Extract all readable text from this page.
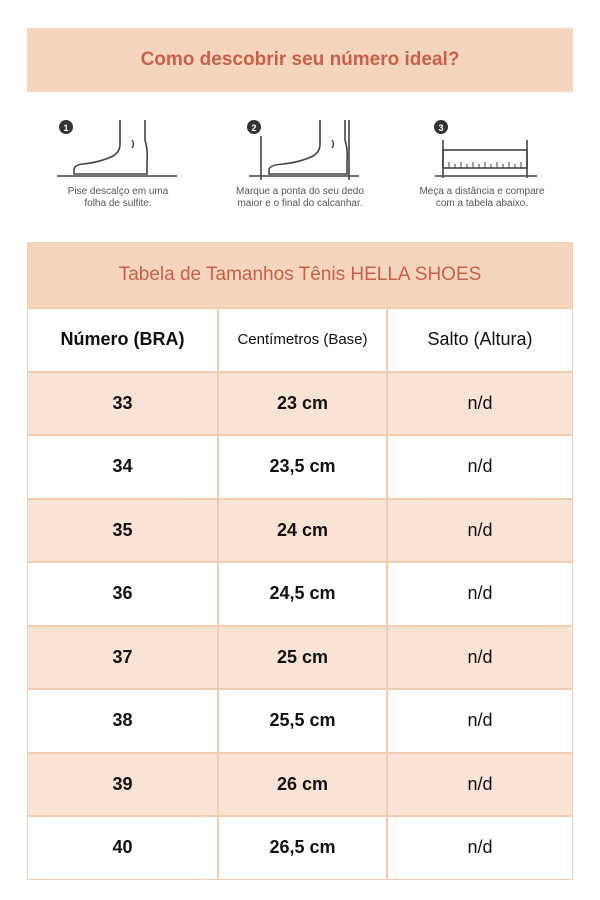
Como descobrir seu número ideal?
1
Pise descalço em uma
folha de sulfite.
2
Marque a ponta do seu dedo
maior e o final do calcanhar.
3
Meça a distância e compare
com a tabela abaixo.
Tabela de Tamanhos Tênis HELLA SHOES
Número (BRA)	Centímetros (Base)	Salto (Altura)
33	23 cm	n/d
34	23,5 cm	n/d
35	24 cm	n/d
36	24,5 cm	n/d
37	25 cm	n/d
38	25,5 cm	n/d
39	26 cm	n/d
40	26,5 cm	n/d
